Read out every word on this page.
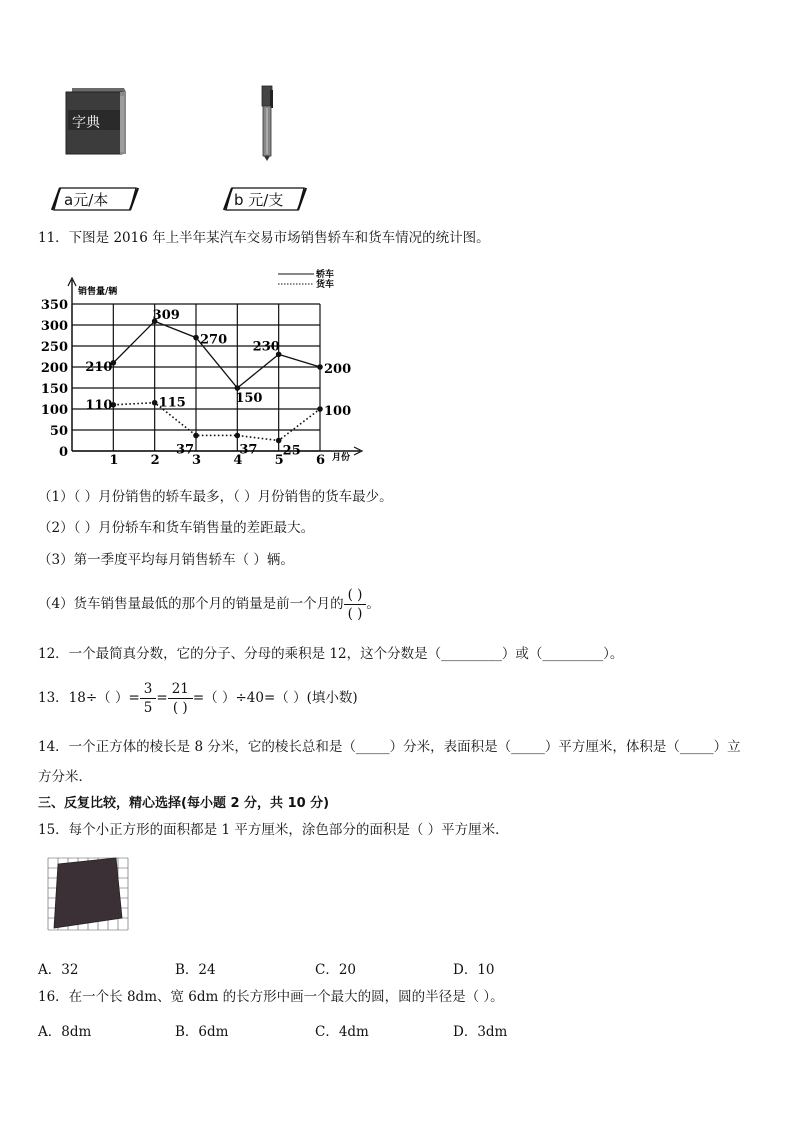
字典
a元/本	b 元/支
11．下图是 2016 年上半年某汽车交易市场销售轿车和货车情况的统计图。
0
50
100
150
200
250
300
350
销售量/辆
月份
1 2 3 4 5 6
轿车
货车
210
309
270
150
230
200
110	115
37	37 25
100
（1）（ ）月份销售的轿车最多，（ ）月份销售的货车最少。
（2）（ ）月份轿车和货车销售量的差距最大。
（3）第一季度平均每月销售轿车（ ）辆。
（4）货车销售量最低的那个月的销量是前一个月的 $\frac{( )}{( )}$ 。
12．一个最简真分数，它的分子、分母的乘积是 12，这个分数是（_________）或（_________）。
13．18÷（ ）= $\frac{3}{5} = \frac{21}{( )}$ =（ ）÷40=（ ）(填小数)
14．一个正方体的棱长是 8 分米，它的棱长总和是（_____）分米，表面积是（_____）平方厘米，体积是（_____）立
方分米．
三、反复比较，精心选择(每小题 2 分，共 10 分)
15．每个小正方形的面积都是 1 平方厘米，涂色部分的面积是（ ）平方厘米．
A．32	B．24	C．20	D．10
16．在一个长 8dm、宽 6dm 的长方形中画一个最大的圆，圆的半径是（ ）。
A．8dm	B．6dm	C．4dm	D．3dm
